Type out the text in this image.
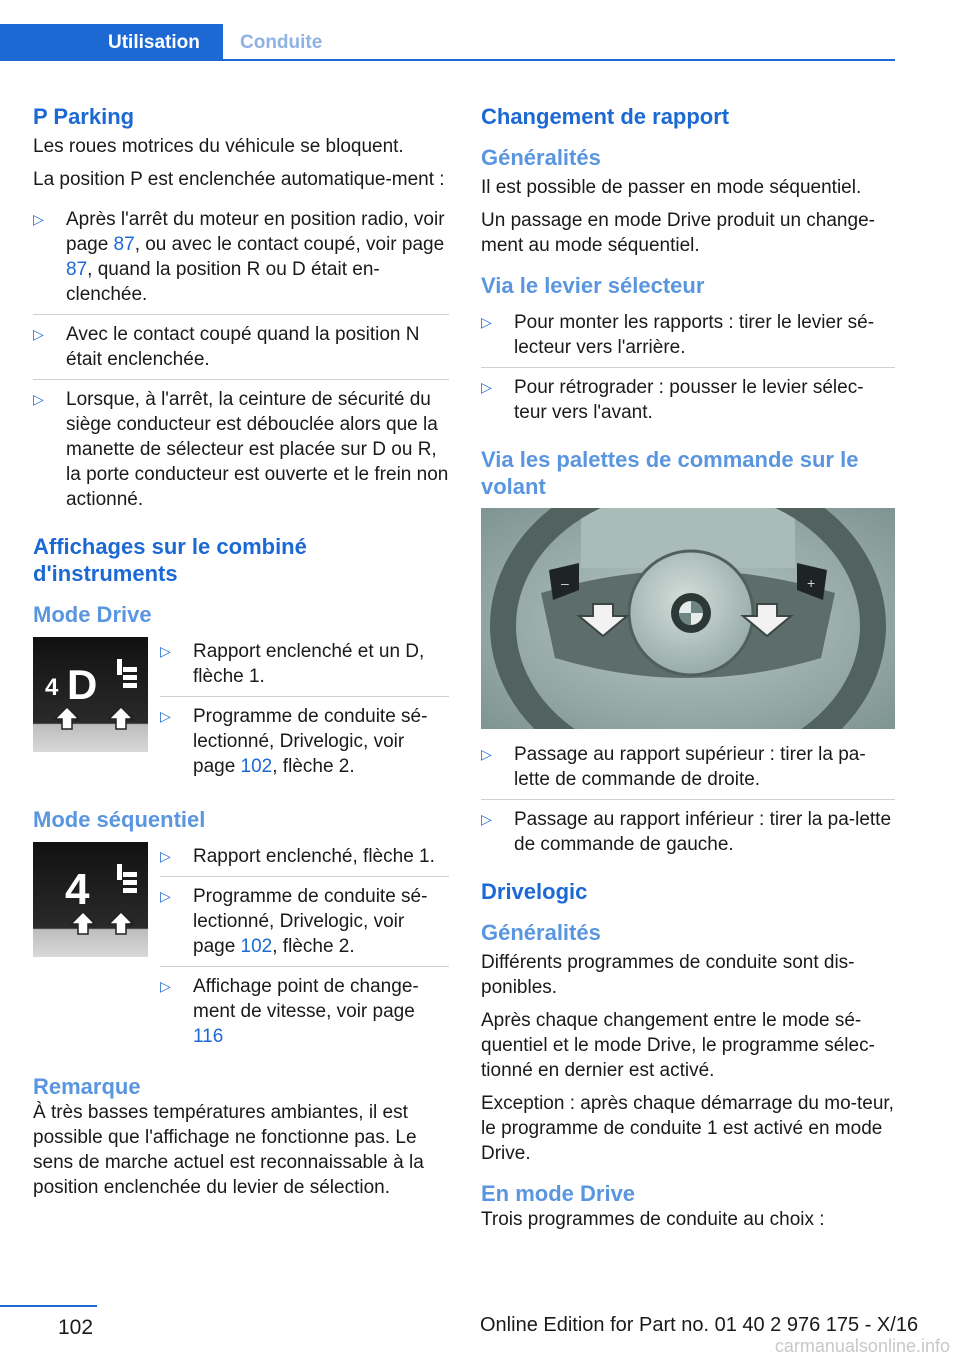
Utilisation	Conduite
P Parking

Les roues motrices du véhicule se bloquent.

La position P est enclenchée automatique-ment :

▷ Après l'arrêt du moteur en position radio, voir page 87, ou avec le contact coupé, voir page 87, quand la position R ou D était en-clenchée.
▷ Avec le contact coupé quand la position N était enclenchée.
▷ Lorsque, à l'arrêt, la ceinture de sécurité du siège conducteur est débouclée alors que la manette de sélecteur est placée sur D ou R, la porte conducteur est ouverte et le frein non actionné.
Affichages sur le combiné d'instruments
Mode Drive
4 D
1	2
▷ Rapport enclenché et un D, flèche 1.
▷ Programme de conduite sé-lectionné, Drivelogic, voir page 102, flèche 2.
Mode séquentiel
4
1	2
▷ Rapport enclenché, flèche 1.
▷ Programme de conduite sé-lectionné, Drivelogic, voir page 102, flèche 2.
▷ Affichage point de change-ment de vitesse, voir page 116
Remarque

À très basses températures ambiantes, il est possible que l'affichage ne fonctionne pas. Le sens de marche actuel est reconnaissable à la position enclenchée du levier de sélection.

Changement de rapport
Généralités

Il est possible de passer en mode séquentiel.

Un passage en mode Drive produit un change-ment au mode séquentiel.

Via le levier sélecteur
▷ Pour monter les rapports : tirer le levier sé-lecteur vers l'arrière.
▷ Pour rétrograder : pousser le levier sélec-teur vers l'avant.
Via les palettes de commande sur le volant
–	+
▷ Passage au rapport supérieur : tirer la pa-lette de commande de droite.
▷ Passage au rapport inférieur : tirer la pa-lette de commande de gauche.
Drivelogic
Généralités

Différents programmes de conduite sont dis-ponibles.

Après chaque changement entre le mode sé-quentiel et le mode Drive, le programme sélec-tionné en dernier est activé.

Exception : après chaque démarrage du mo-teur, le programme de conduite 1 est activé en mode Drive.

En mode Drive

Trois programmes de conduite au choix :

102	Online Edition for Part no. 01 40 2 976 175 - X/16
carmanualsonline.info
